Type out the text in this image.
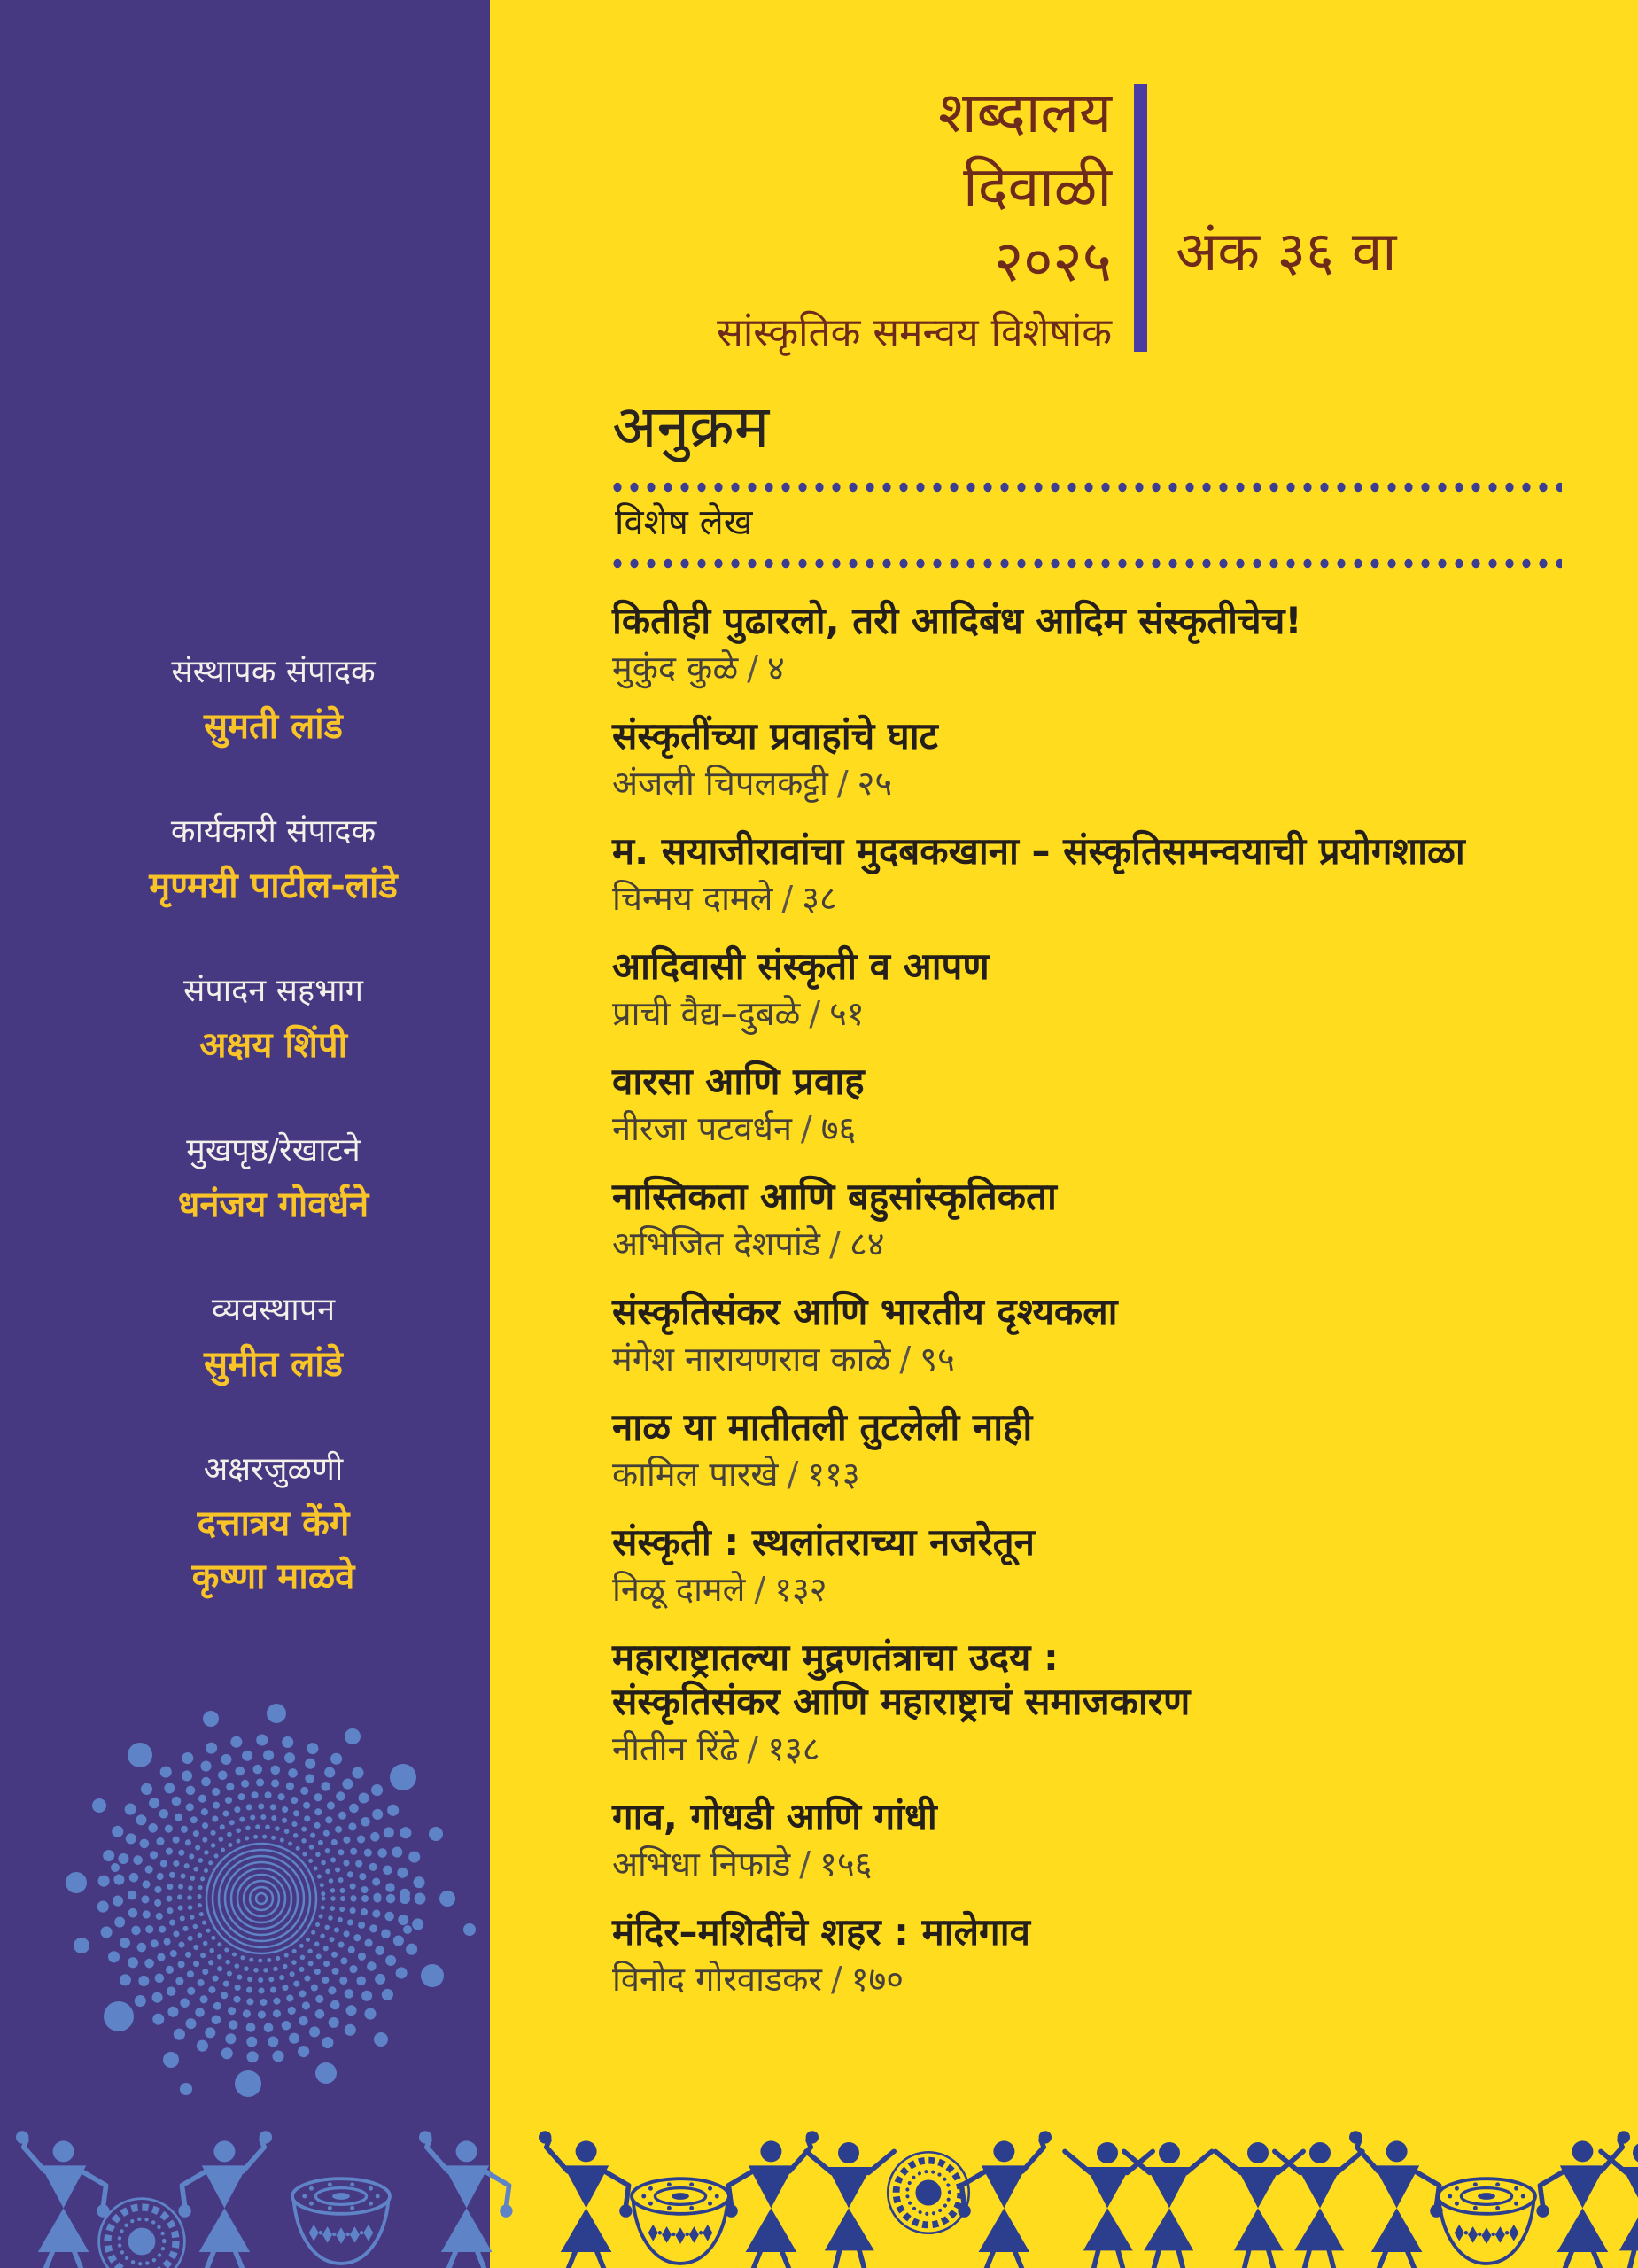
संस्थापक संपादक
सुमती लांडे
कार्यकारी संपादक
मृण्मयी पाटील-लांडे
संपादन सहभाग
अक्षय शिंपी
मुखपृष्ठ/रेखाटने
धनंजय गोवर्धने
व्यवस्थापन
सुमीत लांडे
अक्षरजुळणी
दत्तात्रय केंगे
कृष्णा माळवे
शब्दालय
दिवाळी
२०२५
सांस्कृतिक समन्वय विशेषांक
अंक ३६ वा
अनुक्रम
विशेष लेख
कितीही पुढारलो, तरी आदिबंध आदिम संस्कृतीचेच!
मुकुंद कुळे / ४
संस्कृतींच्या प्रवाहांचे घाट
अंजली चिपलकट्टी / २५
म. सयाजीरावांचा मुदबकखाना – संस्कृतिसमन्वयाची प्रयोगशाळा
चिन्मय दामले / ३८
आदिवासी संस्कृती व आपण
प्राची वैद्य–दुबळे / ५१
वारसा आणि प्रवाह
नीरजा पटवर्धन / ७६
नास्तिकता आणि बहुसांस्कृतिकता
अभिजित देशपांडे / ८४
संस्कृतिसंकर आणि भारतीय दृश्यकला
मंगेश नारायणराव काळे / ९५
नाळ या मातीतली तुटलेली नाही
कामिल पारखे / ११३
संस्कृती : स्थलांतराच्या नजरेतून
निळू दामले / १३२
महाराष्ट्रातल्या मुद्रणतंत्राचा उदय :
संस्कृतिसंकर आणि महाराष्ट्राचं समाजकारण
नीतीन रिंढे / १३८
गाव, गोधडी आणि गांधी
अभिधा निफाडे / १५६
मंदिर–मशिदींचे शहर : मालेगाव
विनोद गोरवाडकर / १७०
